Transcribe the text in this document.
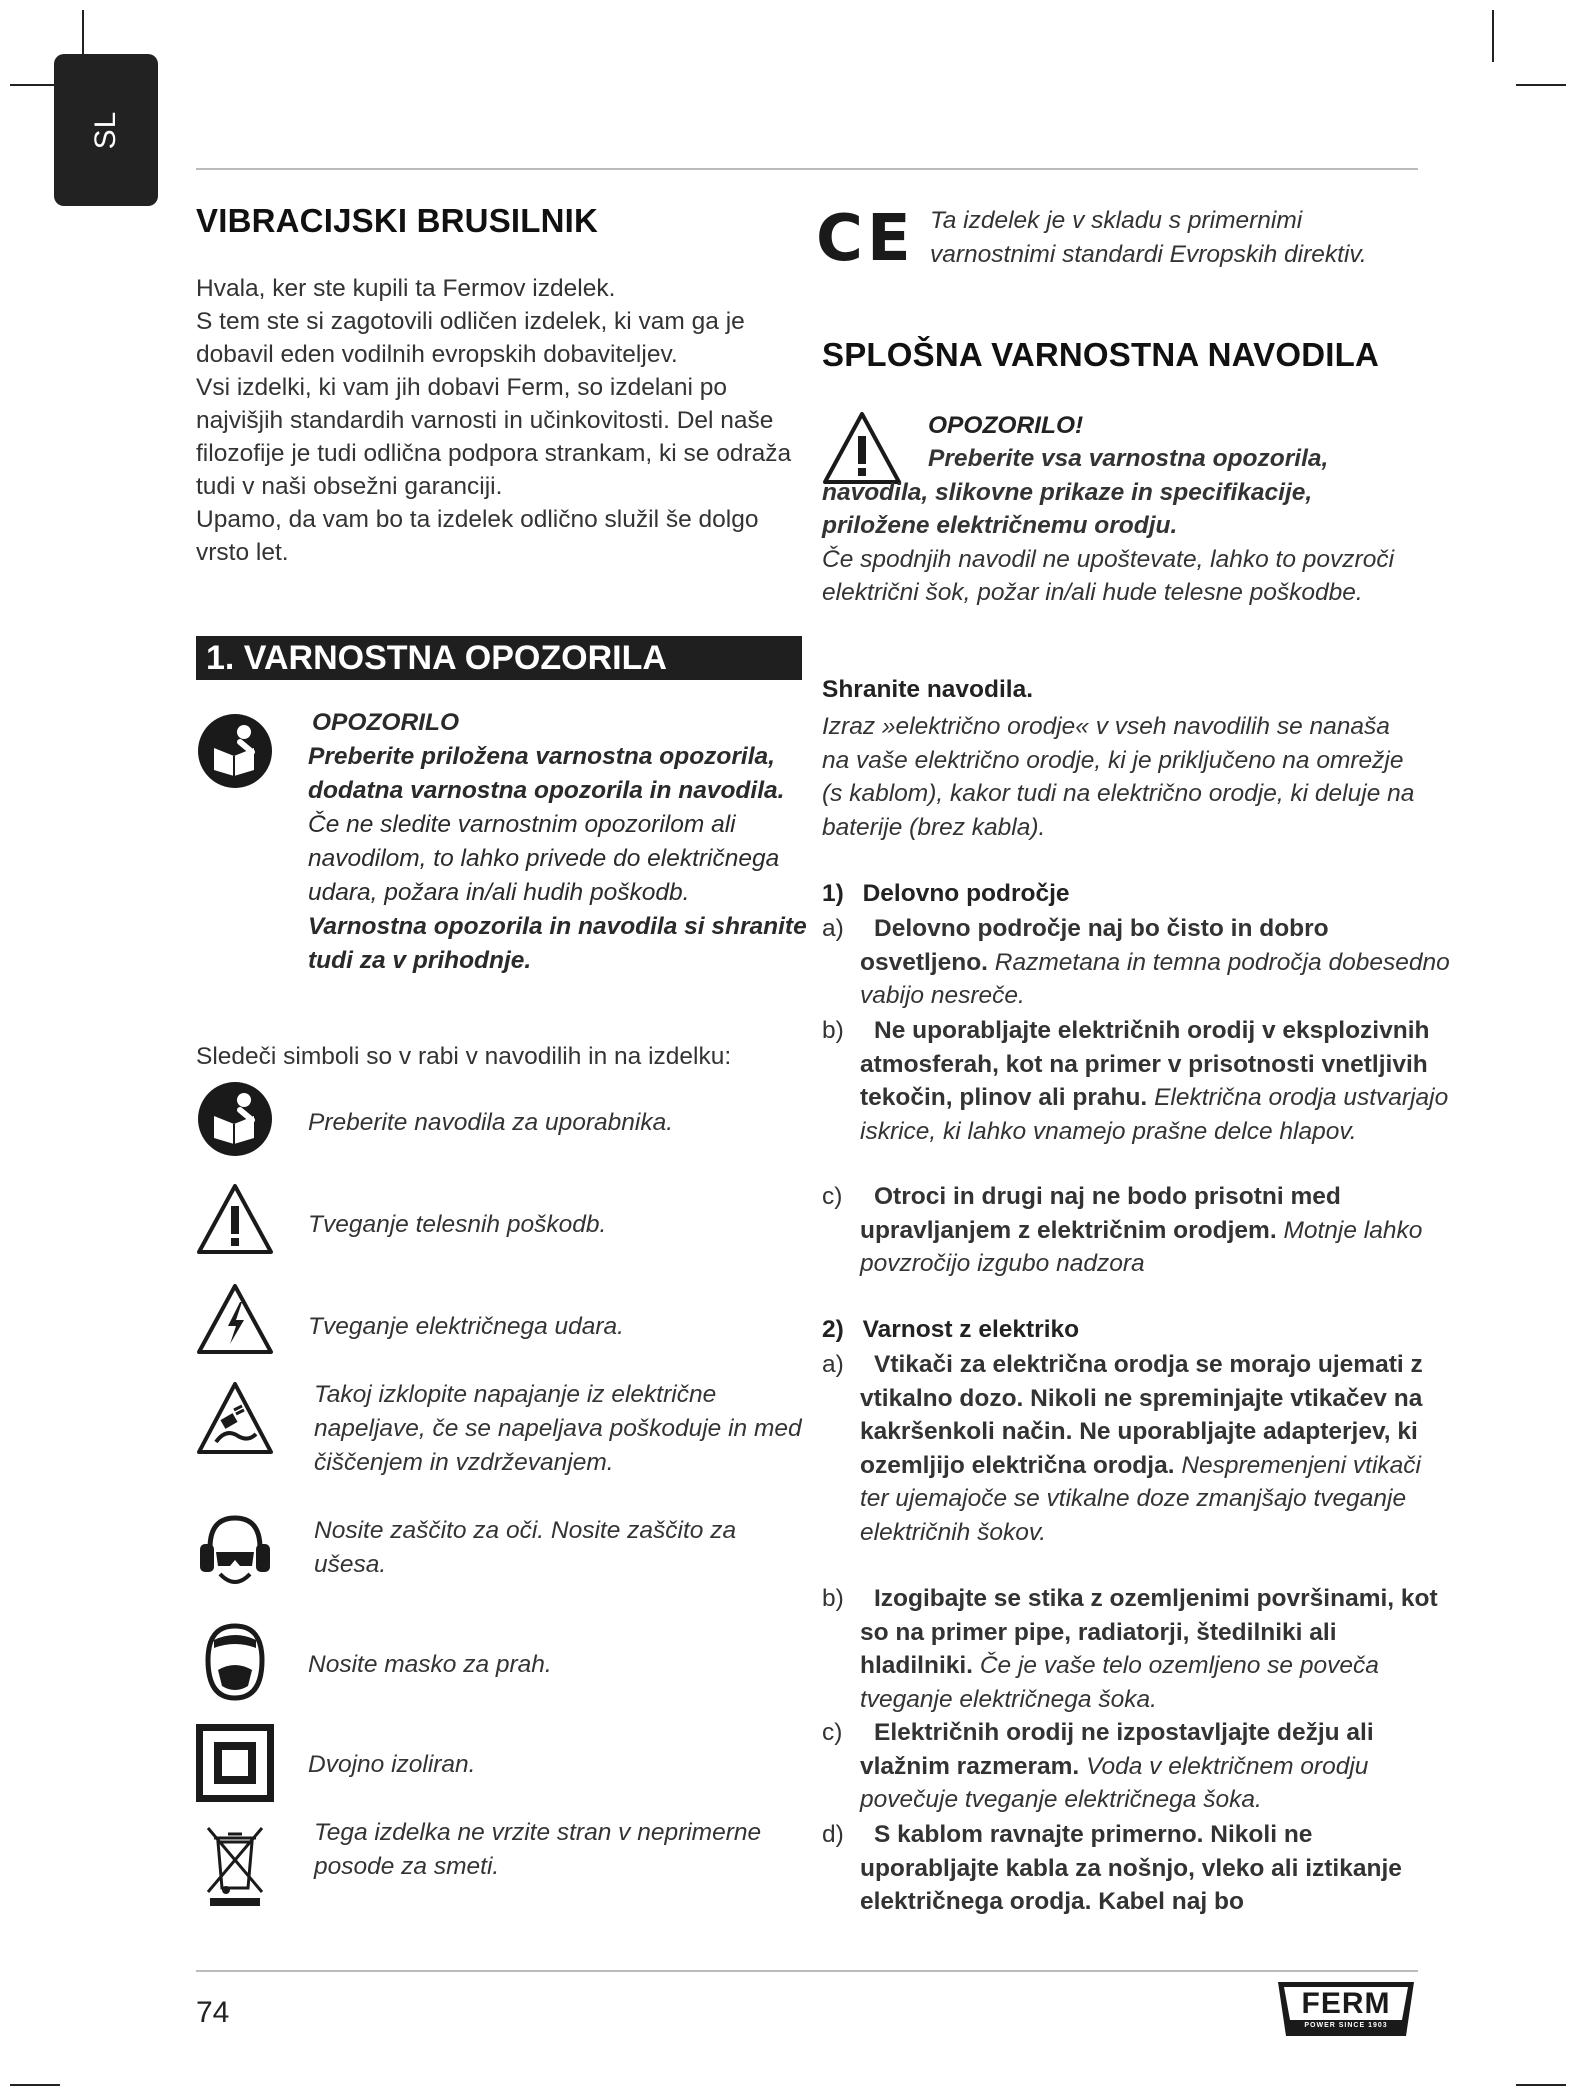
SL
VIBRACIJSKI BRUSILNIK

Hvala, ker ste kupili ta Fermov izdelek.

S tem ste si zagotovili odličen izdelek, ki vam ga je dobavil eden vodilnih evropskih dobaviteljev.

Vsi izdelki, ki vam jih dobavi Ferm, so izdelani po najvišjih standardih varnosti in učinkovitosti. Del naše filozofije je tudi odlična podpora strankam, ki se odraža tudi v naši obsežni garanciji.

Upamo, da vam bo ta izdelek odlično služil še dolgo vrsto let.

1. VARNOSTNA OPOZORILA

OPOZORILO

Preberite priložena varnostna opozorila, dodatna varnostna opozorila in navodila. Če ne sledite varnostnim opozorilom ali navodilom, to lahko privede do električnega udara, požara in/ali hudih poškodb. Varnostna opozorila in navodila si shranite tudi za v prihodnje.

Sledeči simboli so v rabi v navodilih in na izdelku:
Preberite navodila za uporabnika.
Tveganje telesnih poškodb.
Tveganje električnega udara.
Takoj izklopite napajanje iz električne napeljave, če se napeljava poškoduje in med čiščenjem in vzdrževanjem.
Nosite zaščito za oči. Nosite zaščito za ušesa.
Nosite masko za prah.
Dvojno izoliran.
Tega izdelka ne vrzite stran v neprimerne posode za smeti.
CE Ta izdelek je v skladu s primernimi varnostnimi standardi Evropskih direktiv.
SPLOŠNA VARNOSTNA NAVODILA
OPOZORILO!

Preberite vsa varnostna opozorila, navodila, slikovne prikaze in specifikacije, priložene električnemu orodju.

Če spodnjih navodil ne upoštevate, lahko to povzroči električni šok, požar in/ali hude telesne poškodbe.

Shranite navodila.
Izraz »električno orodje« v vseh navodilih se nanaša na vaše električno orodje, ki je priključeno na omrežje (s kablom), kakor tudi na električno orodje, ki deluje na baterije (brez kabla).
1) Delovno področje
a)	Delovno področje naj bo čisto in dobro osvetljeno. Razmetana in temna področja dobesedno vabijo nesreče.

b)	Ne uporabljajte električnih orodij v eksplozivnih atmosferah, kot na primer v prisotnosti vnetljivih tekočin, plinov ali prahu. Električna orodja ustvarjajo iskrice, ki lahko vnamejo prašne delce hlapov.

c)	Otroci in drugi naj ne bodo prisotni med upravljanjem z električnim orodjem. Motnje lahko povzročijo izgubo nadzora

2) Varnost z elektriko
a)	Vtikači za električna orodja se morajo ujemati z vtikalno dozo. Nikoli ne spreminjajte vtikačev na kakršenkoli način. Ne uporabljajte adapterjev, ki ozemljijo električna orodja. Nespremenjeni vtikači ter ujemajoče se vtikalne doze zmanjšajo tveganje električnih šokov.

b)	Izogibajte se stika z ozemljenimi površinami, kot so na primer pipe, radiatorji, štedilniki ali hladilniki. Če je vaše telo ozemljeno se poveča tveganje električnega šoka.

c)	Električnih orodij ne izpostavljajte dežju ali vlažnim razmeram. Voda v električnem orodju povečuje tveganje električnega šoka.

d)	S kablom ravnajte primerno. Nikoli ne uporabljajte kabla za nošnjo, vleko ali iztikanje električnega orodja. Kabel naj bo

74	FERM
POWER SINCE 1903
